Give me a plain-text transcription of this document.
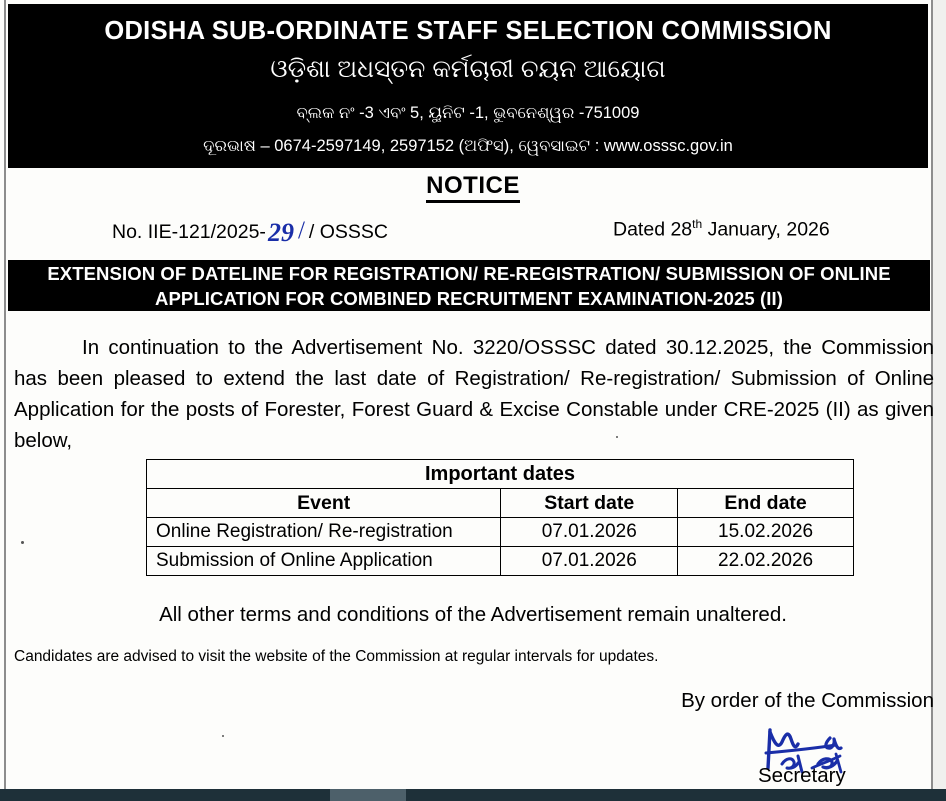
ODISHA SUB-ORDINATE STAFF SELECTION COMMISSION
ଓଡ଼ିଶା ଅଧସ୍ତନ କର୍ମଚାରୀ ଚୟନ ଆୟୋଗ
ବ୍ଲକ ନଂ -3 ଏବଂ 5, ୟୁନିଟ -1, ଭୁବନେଶ୍ୱର -751009
ଦୂରଭାଷ – 0674-2597149, 2597152 (ଅଫିସ), ୱେବସାଇଟ : www.osssc.gov.in
NOTICE
No. IIE-121/2025-29 / / OSSSC	Dated 28th January, 2026
EXTENSION OF DATELINE FOR REGISTRATION/ RE-REGISTRATION/ SUBMISSION OF ONLINE APPLICATION FOR COMBINED RECRUITMENT EXAMINATION-2025 (II)
In continuation to the Advertisement No. 3220/OSSSC dated 30.12.2025, the Commission has been pleased to extend the last date of Registration/ Re-registration/ Submission of Online Application for the posts of Forester, Forest Guard & Excise Constable under CRE-2025 (II) as given below,
Important dates		
Event	Start date	End date
Online Registration/ Re-registration	07.01.2026	15.02.2026
Submission of Online Application	07.01.2026	22.02.2026
All other terms and conditions of the Advertisement remain unaltered.
Candidates are advised to visit the website of the Commission at regular intervals for updates.
By order of the Commission
Secretary
